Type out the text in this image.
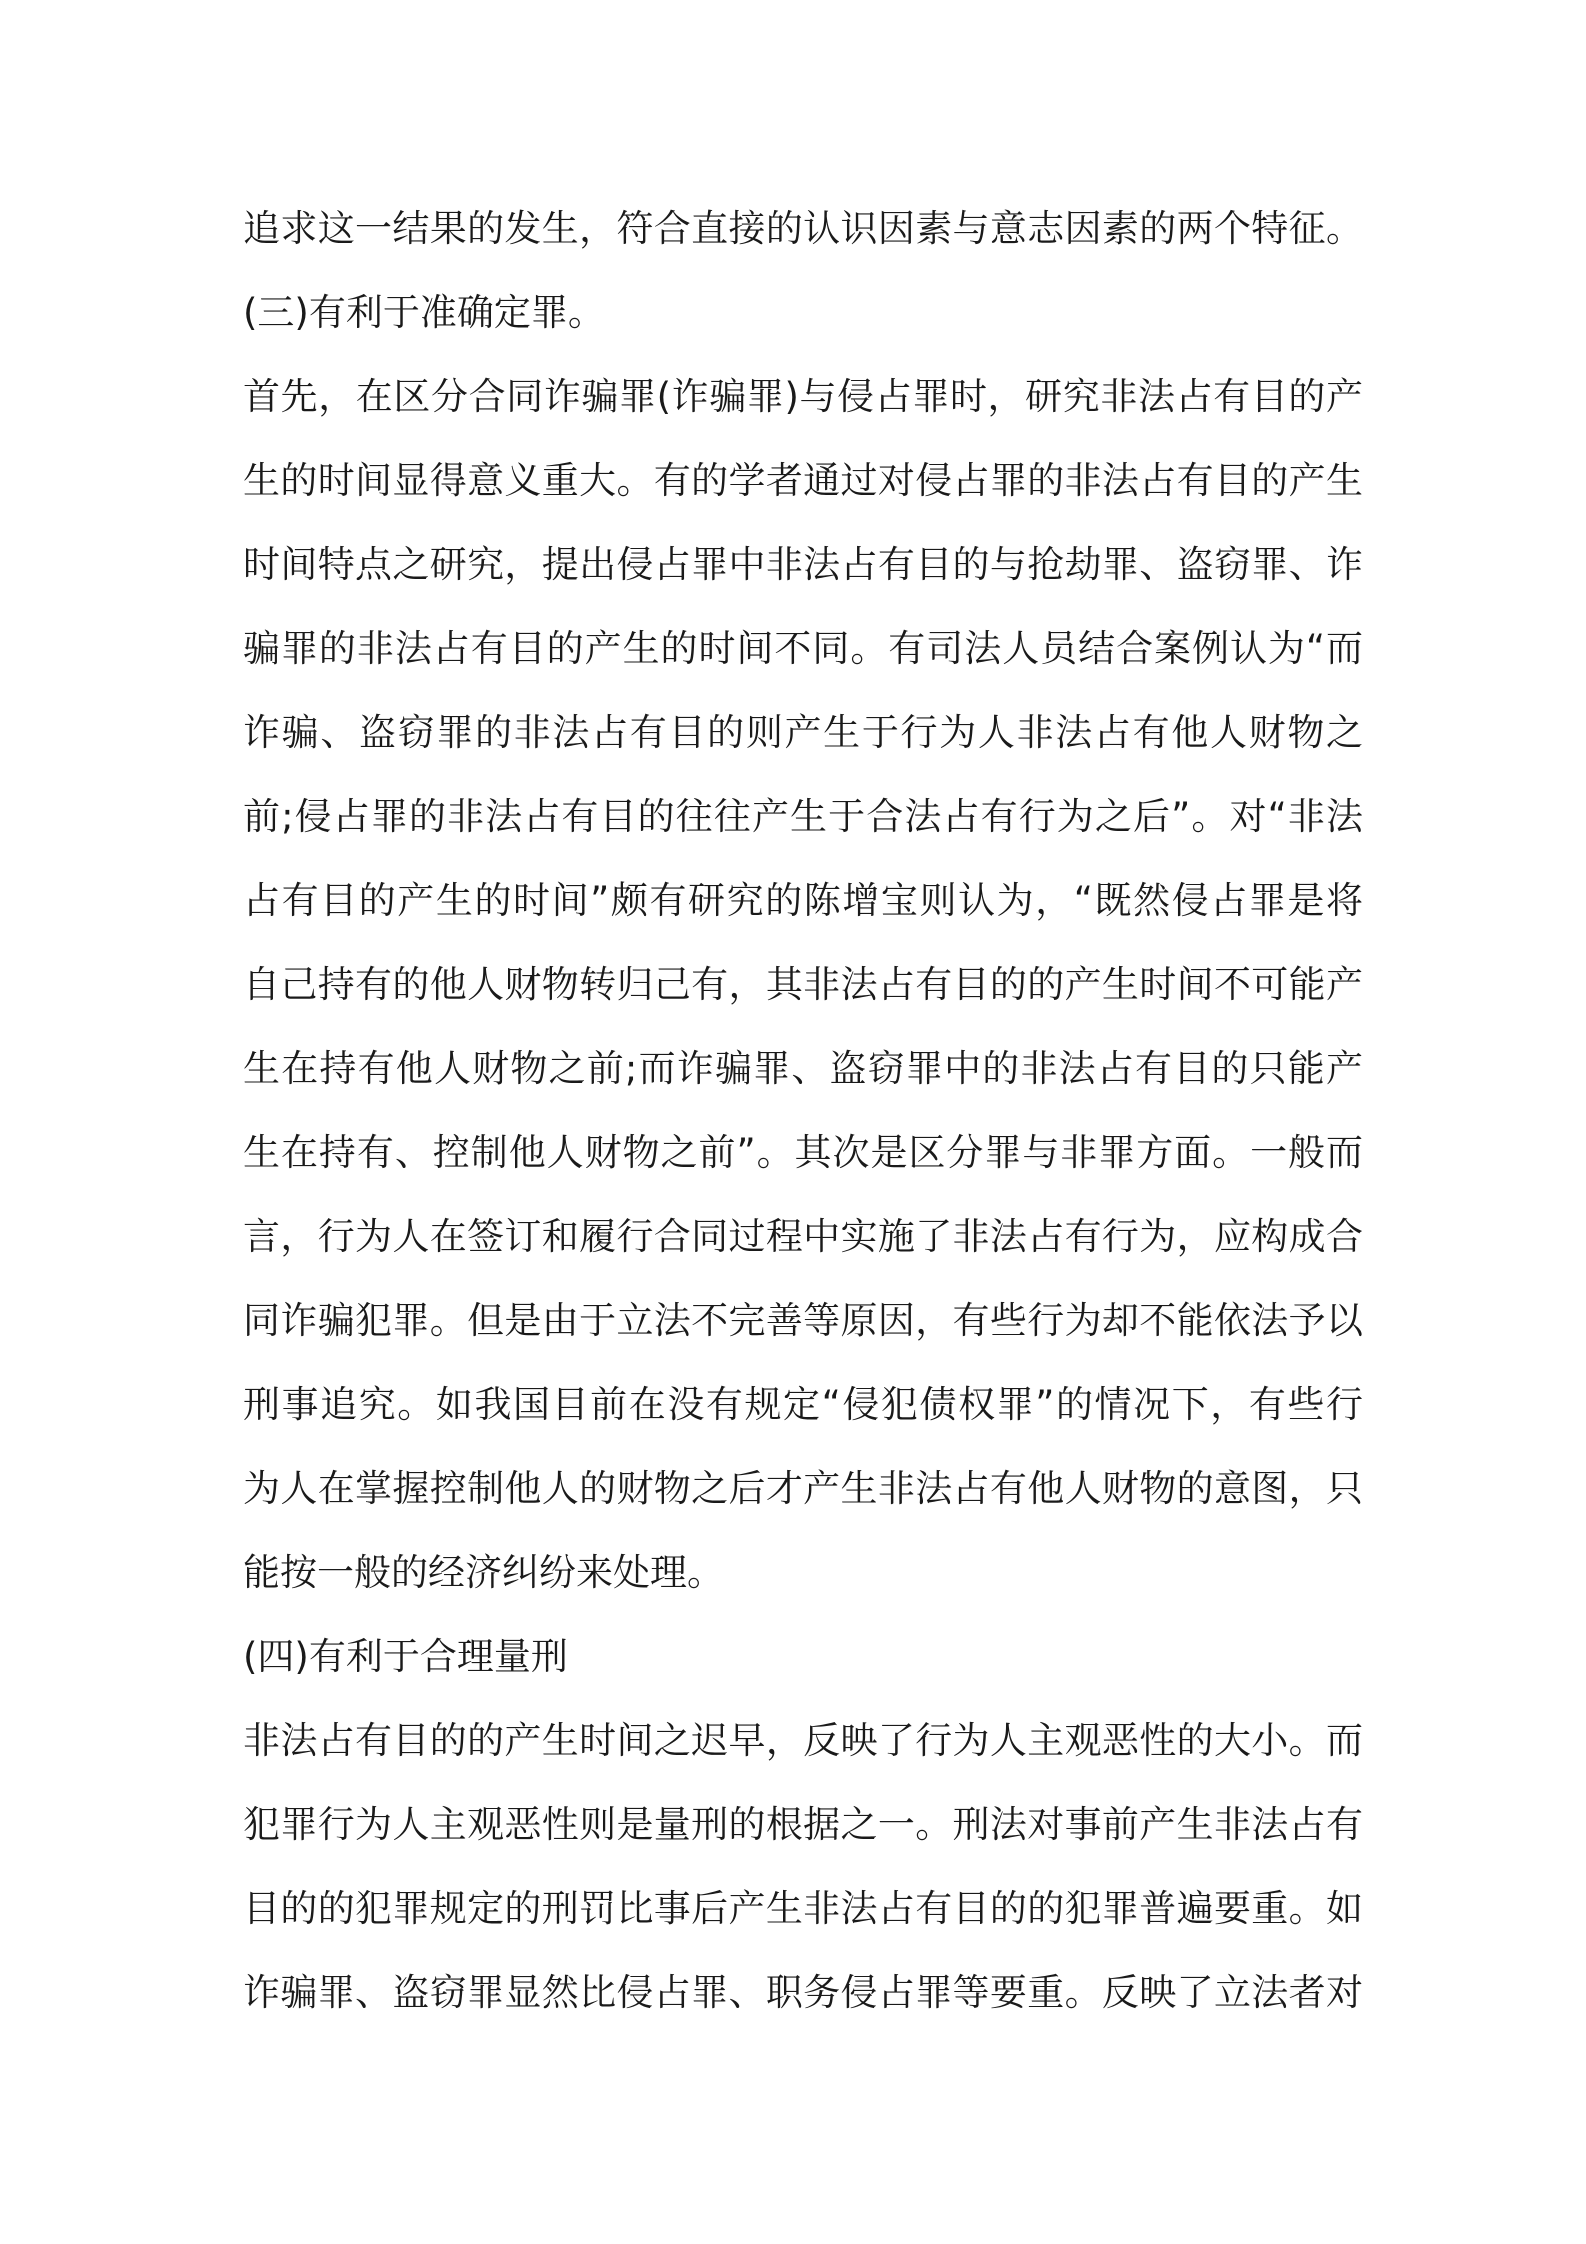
追求这一结果的发生，符合直接的认识因素与意志因素的两个特征。
(三)有利于准确定罪。
首先，在区分合同诈骗罪(诈骗罪)与侵占罪时，研究非法占有目的产
生的时间显得意义重大。有的学者通过对侵占罪的非法占有目的产生
时间特点之研究，提出侵占罪中非法占有目的与抢劫罪、盗窃罪、诈
骗罪的非法占有目的产生的时间不同。有司法人员结合案例认为“而
诈骗、盗窃罪的非法占有目的则产生于行为人非法占有他人财物之
前;侵占罪的非法占有目的往往产生于合法占有行为之后”。对“非法
占有目的产生的时间”颇有研究的陈增宝则认为，“既然侵占罪是将
自己持有的他人财物转归己有，其非法占有目的的产生时间不可能产
生在持有他人财物之前;而诈骗罪、盗窃罪中的非法占有目的只能产
生在持有、控制他人财物之前”。其次是区分罪与非罪方面。一般而
言，行为人在签订和履行合同过程中实施了非法占有行为，应构成合
同诈骗犯罪。但是由于立法不完善等原因，有些行为却不能依法予以
刑事追究。如我国目前在没有规定“侵犯债权罪”的情况下，有些行
为人在掌握控制他人的财物之后才产生非法占有他人财物的意图，只
能按一般的经济纠纷来处理。
(四)有利于合理量刑
非法占有目的的产生时间之迟早，反映了行为人主观恶性的大小。而
犯罪行为人主观恶性则是量刑的根据之一。刑法对事前产生非法占有
目的的犯罪规定的刑罚比事后产生非法占有目的的犯罪普遍要重。如
诈骗罪、盗窃罪显然比侵占罪、职务侵占罪等要重。反映了立法者对
